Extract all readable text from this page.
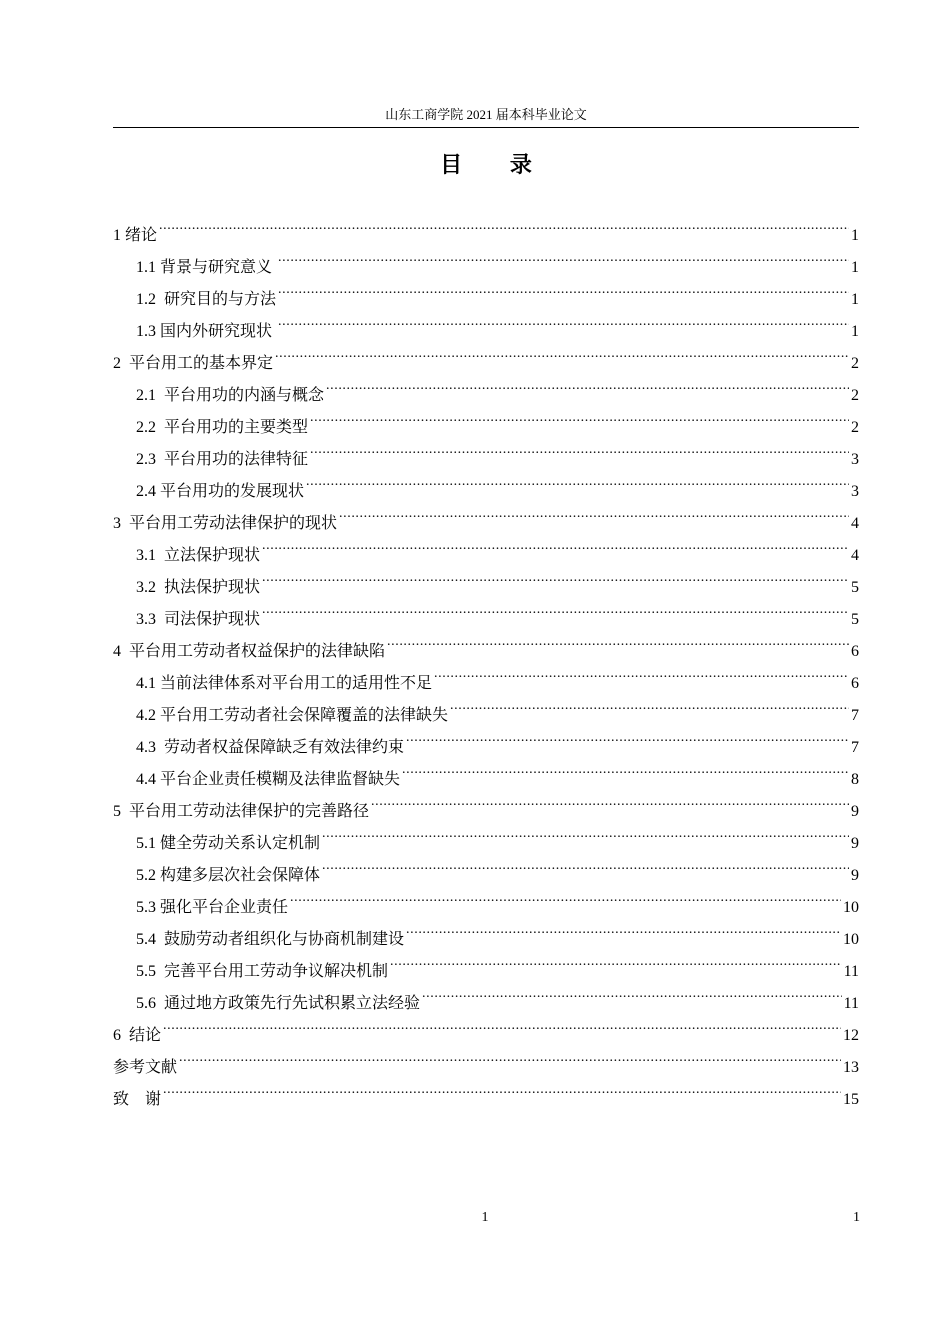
山东工商学院 2021 届本科毕业论文
目 录
1 绪论 .....	1
1.1 背景与研究意义 .....	1
1.2  研究目的与方法 .....	1
1.3 国内外研究现状 .....	1
2  平台用工的基本界定 .....	2
2.1  平台用功的内涵与概念 .....	2
2.2  平台用功的主要类型 .....	2
2.3  平台用功的法律特征 .....	3
2.4 平台用功的发展现状 .....	3
3  平台用工劳动法律保护的现状 .....	4
3.1  立法保护现状 .....	4
3.2  执法保护现状 .....	5
3.3  司法保护现状 .....	5
4  平台用工劳动者权益保护的法律缺陷 .....	6
4.1 当前法律体系对平台用工的适用性不足 .....	6
4.2 平台用工劳动者社会保障覆盖的法律缺失 .....	7
4.3  劳动者权益保障缺乏有效法律约束 .....	7
4.4 平台企业责任模糊及法律监督缺失 .....	8
5  平台用工劳动法律保护的完善路径 .....	9
5.1 健全劳动关系认定机制 .....	9
5.2 构建多层次社会保障体 .....	9
5.3 强化平台企业责任 .....	10
5.4  鼓励劳动者组织化与协商机制建设 .....	10
5.5  完善平台用工劳动争议解决机制 .....	11
5.6  通过地方政策先行先试积累立法经验 .....	11
6  结论 .....	12
参考文献 .....	13
致    谢 .....	15
1	1
